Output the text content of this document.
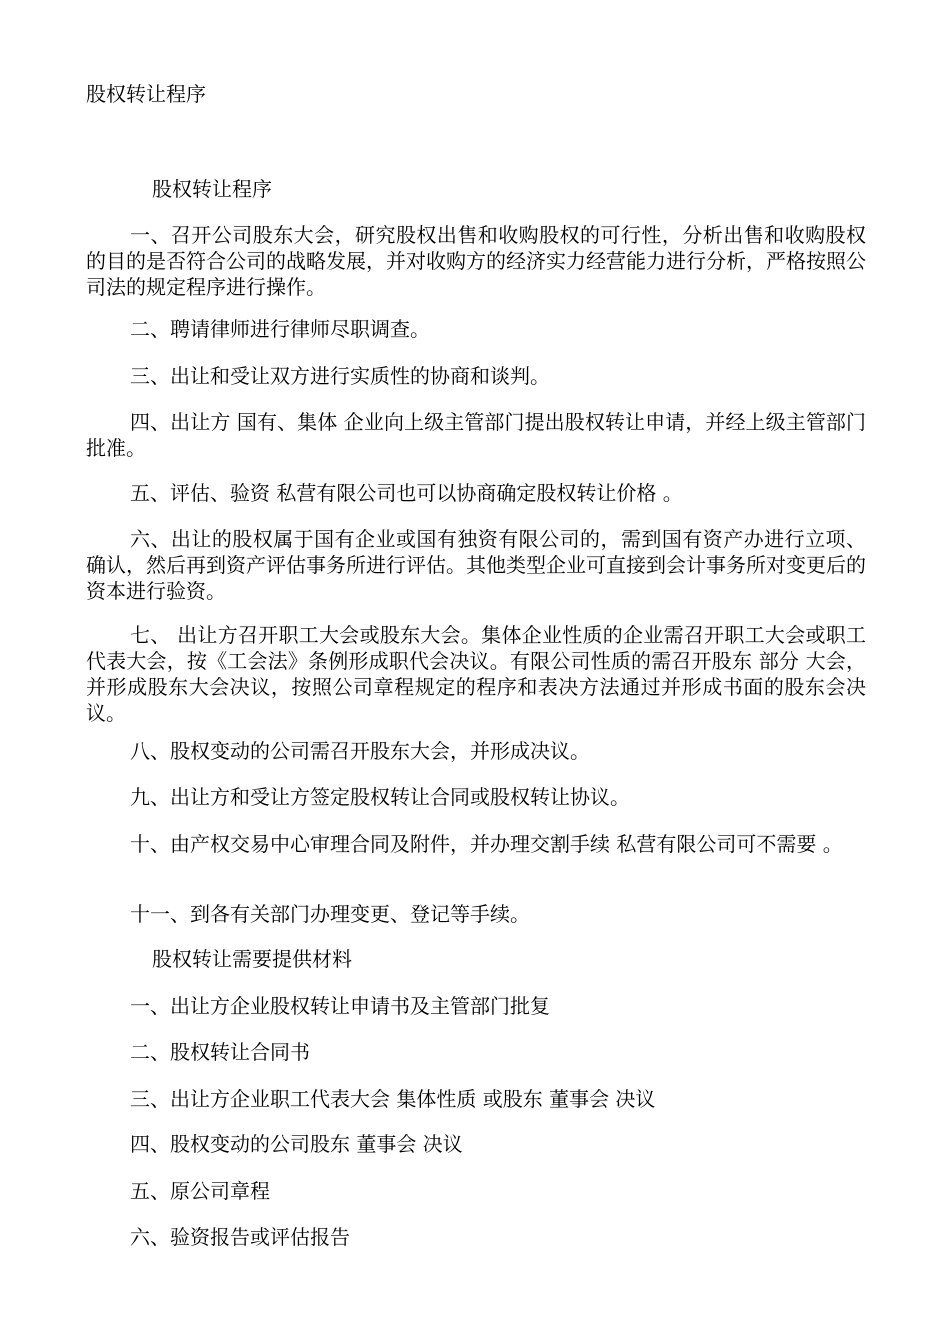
股权转让程序
股权转让程序

一、召开公司股东大会，研究股权出售和收购股权的可行性，分析出售和收购股权的目的是否符合公司的战略发展，并对收购方的经济实力经营能力进行分析，严格按照公司法的规定程序进行操作。

二、聘请律师进行律师尽职调查。

三、出让和受让双方进行实质性的协商和谈判。

四、出让方 国有、集体 企业向上级主管部门提出股权转让申请，并经上级主管部门批准。

五、评估、验资 私营有限公司也可以协商确定股权转让价格 。

六、出让的股权属于国有企业或国有独资有限公司的，需到国有资产办进行立项、确认，然后再到资产评估事务所进行评估。其他类型企业可直接到会计事务所对变更后的资本进行验资。

七、 出让方召开职工大会或股东大会。集体企业性质的企业需召开职工大会或职工代表大会，按《工会法》条例形成职代会决议。有限公司性质的需召开股东 部分 大会，并形成股东大会决议，按照公司章程规定的程序和表决方法通过并形成书面的股东会决议。

八、股权变动的公司需召开股东大会，并形成决议。

九、出让方和受让方签定股权转让合同或股权转让协议。

十、由产权交易中心审理合同及附件，并办理交割手续 私营有限公司可不需要 。

十一、到各有关部门办理变更、登记等手续。

股权转让需要提供材料

一、出让方企业股权转让申请书及主管部门批复

二、股权转让合同书

三、出让方企业职工代表大会 集体性质 或股东 董事会 决议

四、股权变动的公司股东 董事会 决议

五、原公司章程

六、验资报告或评估报告
